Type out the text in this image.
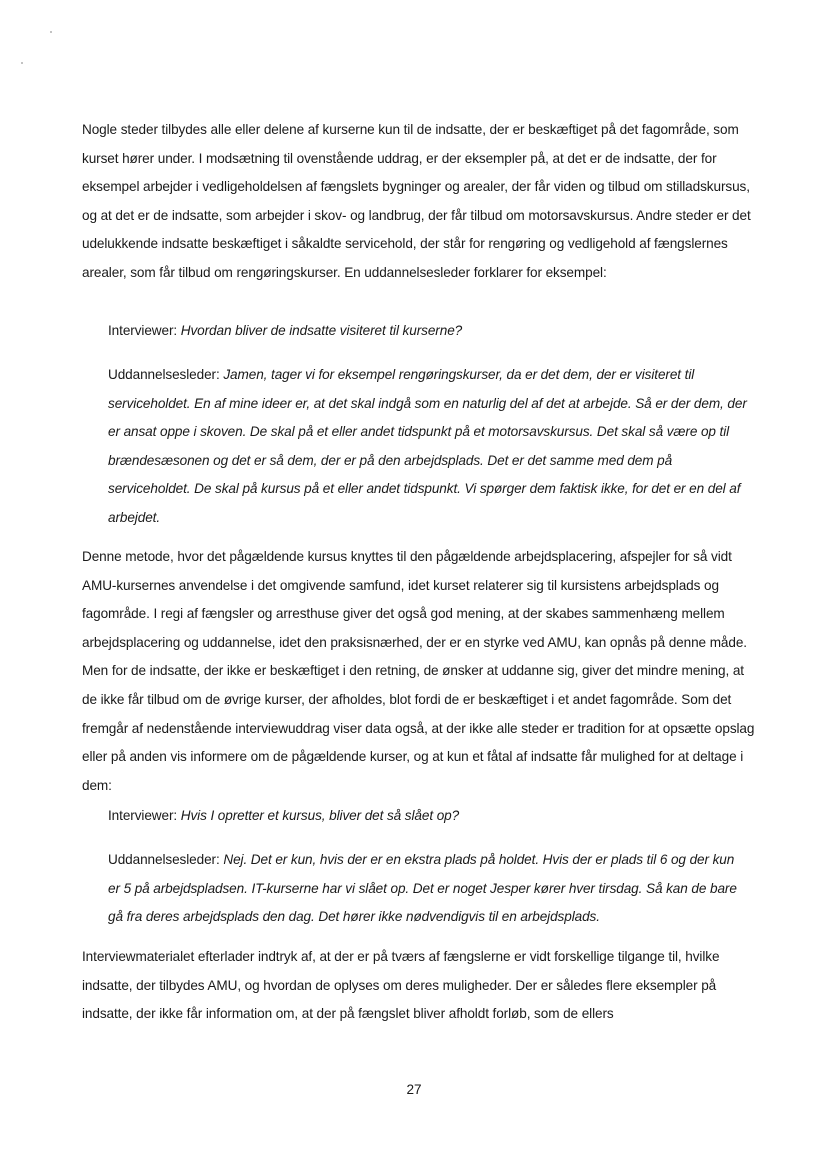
Nogle steder tilbydes alle eller delene af kurserne kun til de indsatte, der er beskæftiget på det fagområde, som kurset hører under. I modsætning til ovenstående uddrag, er der eksempler på, at det er de indsatte, der for eksempel arbejder i vedligeholdelsen af fængslets bygninger og arealer, der får viden og tilbud om stilladskursus, og at det er de indsatte, som arbejder i skov- og landbrug, der får tilbud om motorsavskursus. Andre steder er det udelukkende indsatte beskæftiget i såkaldte servicehold, der står for rengøring og vedligehold af fængslernes arealer, som får tilbud om rengøringskurser. En uddannelsesleder forklarer for eksempel:

Interviewer: Hvordan bliver de indsatte visiteret til kurserne?

Uddannelsesleder: Jamen, tager vi for eksempel rengøringskurser, da er det dem, der er visiteret til serviceholdet. En af mine ideer er, at det skal indgå som en naturlig del af det at arbejde. Så er der dem, der er ansat oppe i skoven. De skal på et eller andet tidspunkt på et motorsavskursus. Det skal så være op til brændesæsonen og det er så dem, der er på den arbejdsplads. Det er det samme med dem på serviceholdet. De skal på kursus på et eller andet tidspunkt. Vi spørger dem faktisk ikke, for det er en del af arbejdet.

Denne metode, hvor det pågældende kursus knyttes til den pågældende arbejdsplacering, afspejler for så vidt AMU-kursernes anvendelse i det omgivende samfund, idet kurset relaterer sig til kursistens arbejdsplads og fagområde. I regi af fængsler og arresthuse giver det også god mening, at der skabes sammenhæng mellem arbejdsplacering og uddannelse, idet den praksisnærhed, der er en styrke ved AMU, kan opnås på denne måde. Men for de indsatte, der ikke er beskæftiget i den retning, de ønsker at uddanne sig, giver det mindre mening, at de ikke får tilbud om de øvrige kurser, der afholdes, blot fordi de er beskæftiget i et andet fagområde. Som det fremgår af nedenstående interviewuddrag viser data også, at der ikke alle steder er tradition for at opsætte opslag eller på anden vis informere om de pågældende kurser, og at kun et fåtal af indsatte får mulighed for at deltage i dem:

Interviewer: Hvis I opretter et kursus, bliver det så slået op?

Uddannelsesleder: Nej. Det er kun, hvis der er en ekstra plads på holdet. Hvis der er plads til 6 og der kun er 5 på arbejdspladsen. IT-kurserne har vi slået op. Det er noget Jesper kører hver tirsdag. Så kan de bare gå fra deres arbejdsplads den dag. Det hører ikke nødvendigvis til en arbejdsplads.

Interviewmaterialet efterlader indtryk af, at der er på tværs af fængslerne er vidt forskellige tilgange til, hvilke indsatte, der tilbydes AMU, og hvordan de oplyses om deres muligheder. Der er således flere eksempler på indsatte, der ikke får information om, at der på fængslet bliver afholdt forløb, som de ellers

27
